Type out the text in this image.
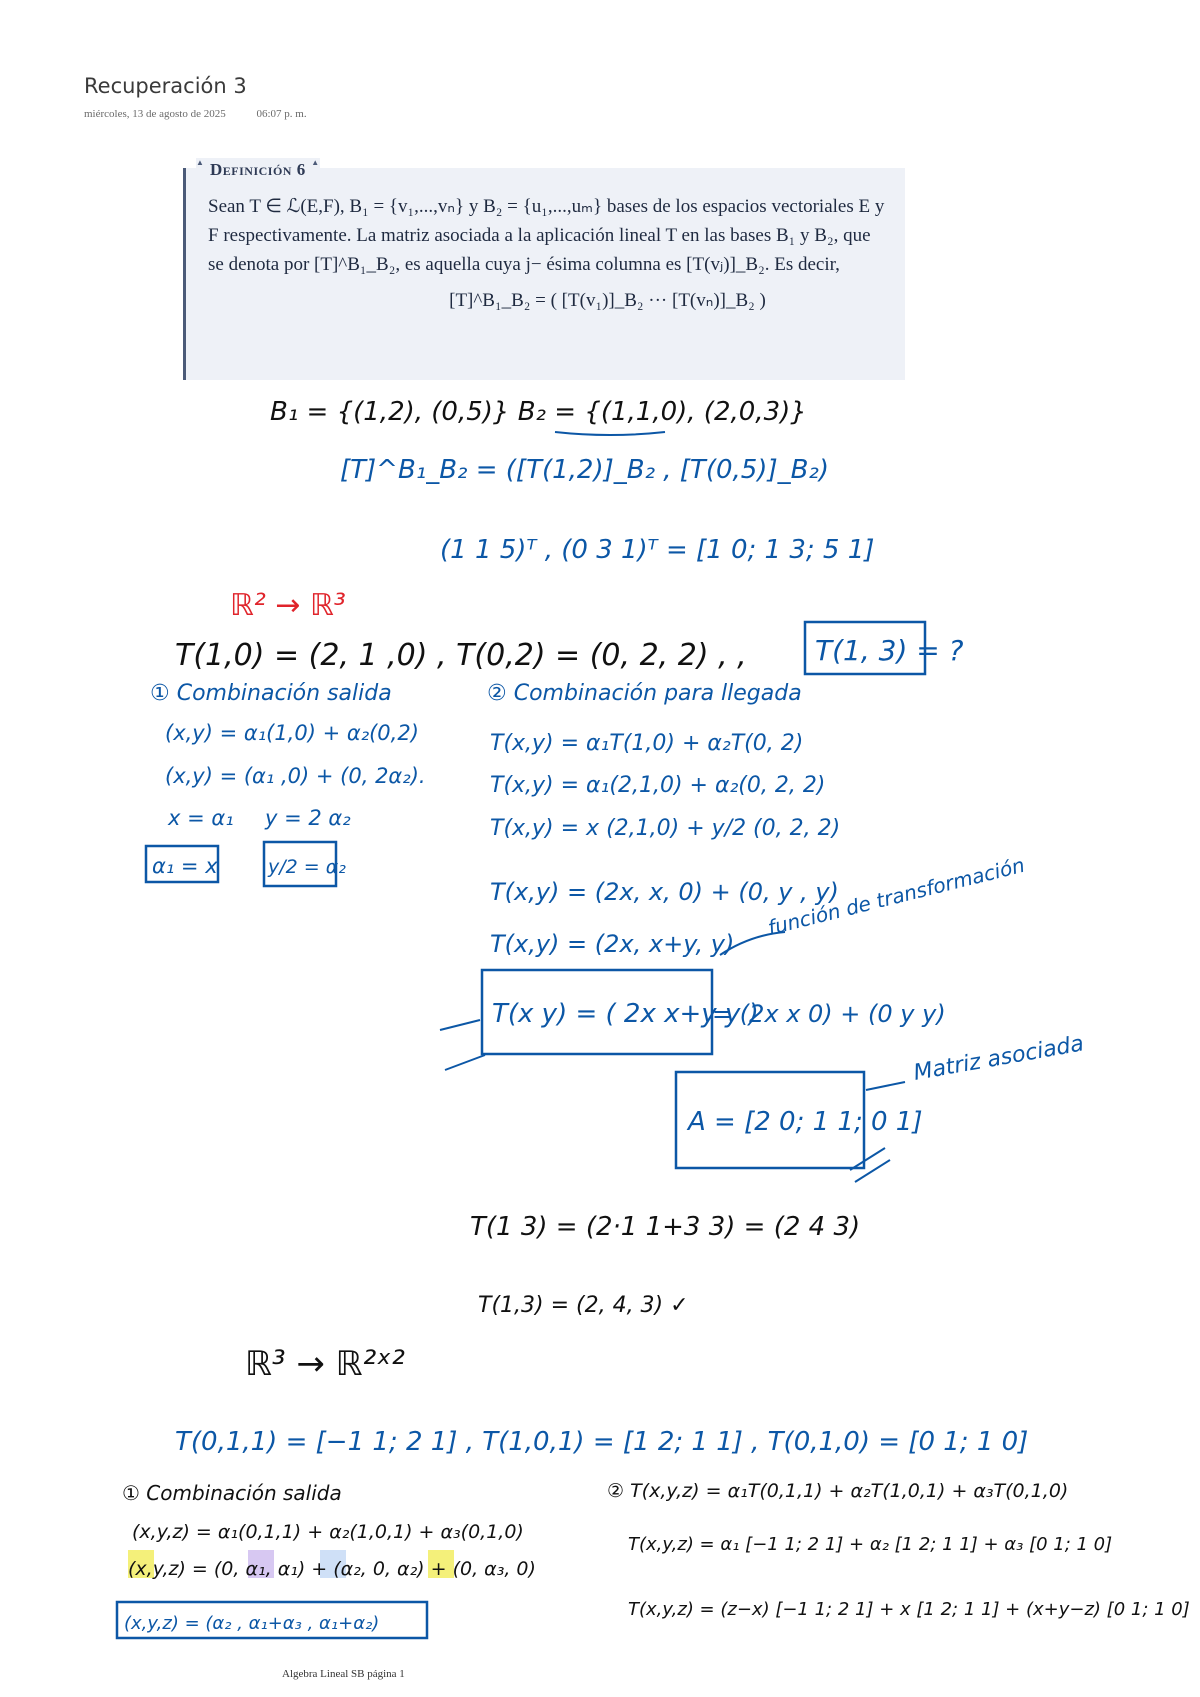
Recuperación 3
miércoles, 13 de agosto de 2025	06:07 p. m.
▲ Definición 6 ▲

Sean T ∈ ℒ(E,F), B₁ = {v₁,...,vₙ} y B₂ = {u₁,...,uₘ} bases de los espacios vectoriales E y F respectivamente. La matriz asociada a la aplicación lineal T en las bases B₁ y B₂, que se denota por [T]^B₁_B₂, es aquella cuya j− ésima columna es [T(vⱼ)]_B₂. Es decir,

[T]^B₁_B₂ = ( [T(v₁)]_B₂ ··· [T(vₙ)]_B₂ )
B₁ = {(1,2), (0,5)} B₂ = {(1,1,0), (2,0,3)}
[T]^B₁_B₂ = ([T(1,2)]_B₂ , [T(0,5)]_B₂)
(1 1 5)ᵀ , (0 3 1)ᵀ = [1 0; 1 3; 5 1]
ℝ² → ℝ³
T(1,0) = (2, 1 ,0) , T(0,2) = (0, 2, 2) , , T(1, 3) = ?
① Combinación salida
(x,y) = α₁(1,0) + α₂(0,2)
(x,y) = (α₁ ,0) + (0, 2α₂).
x = α₁ y = 2 α₂
α₁ = x	y/2 = α₂
② Combinación para llegada
T(x,y) = α₁T(1,0) + α₂T(0, 2)
T(x,y) = α₁(2,1,0) + α₂(0, 2, 2)
T(x,y) = x (2,1,0) + y/2 (0, 2, 2)
T(x,y) = (2x, x, 0) + (0, y , y)
T(x,y) = (2x, x+y, y)
función de transformación
T(x y) = ( 2x x+y y )
= (2x x 0) + (0 y y)
A = [2 0; 1 1; 0 1]
Matriz asociada
T(1 3) = (2·1 1+3 3) = (2 4 3)
T(1,3) = (2, 4, 3) ✓
ℝ³ → ℝ²ˣ²
T(0,1,1) = [−1 1; 2 1] , T(1,0,1) = [1 2; 1 1] , T(0,1,0) = [0 1; 1 0]
① Combinación salida
(x,y,z) = α₁(0,1,1) + α₂(1,0,1) + α₃(0,1,0)
(x,y,z) = (0, α₁, α₁) + (α₂, 0, α₂) + (0, α₃, 0)
(x,y,z) = (α₂ , α₁+α₃ , α₁+α₂)
② T(x,y,z) = α₁T(0,1,1) + α₂T(1,0,1) + α₃T(0,1,0)
T(x,y,z) = α₁ [−1 1; 2 1] + α₂ [1 2; 1 1] + α₃ [0 1; 1 0]
T(x,y,z) = (z−x) [−1 1; 2 1] + x [1 2; 1 1] + (x+y−z) [0 1; 1 0]
Algebra Lineal SB página 1
